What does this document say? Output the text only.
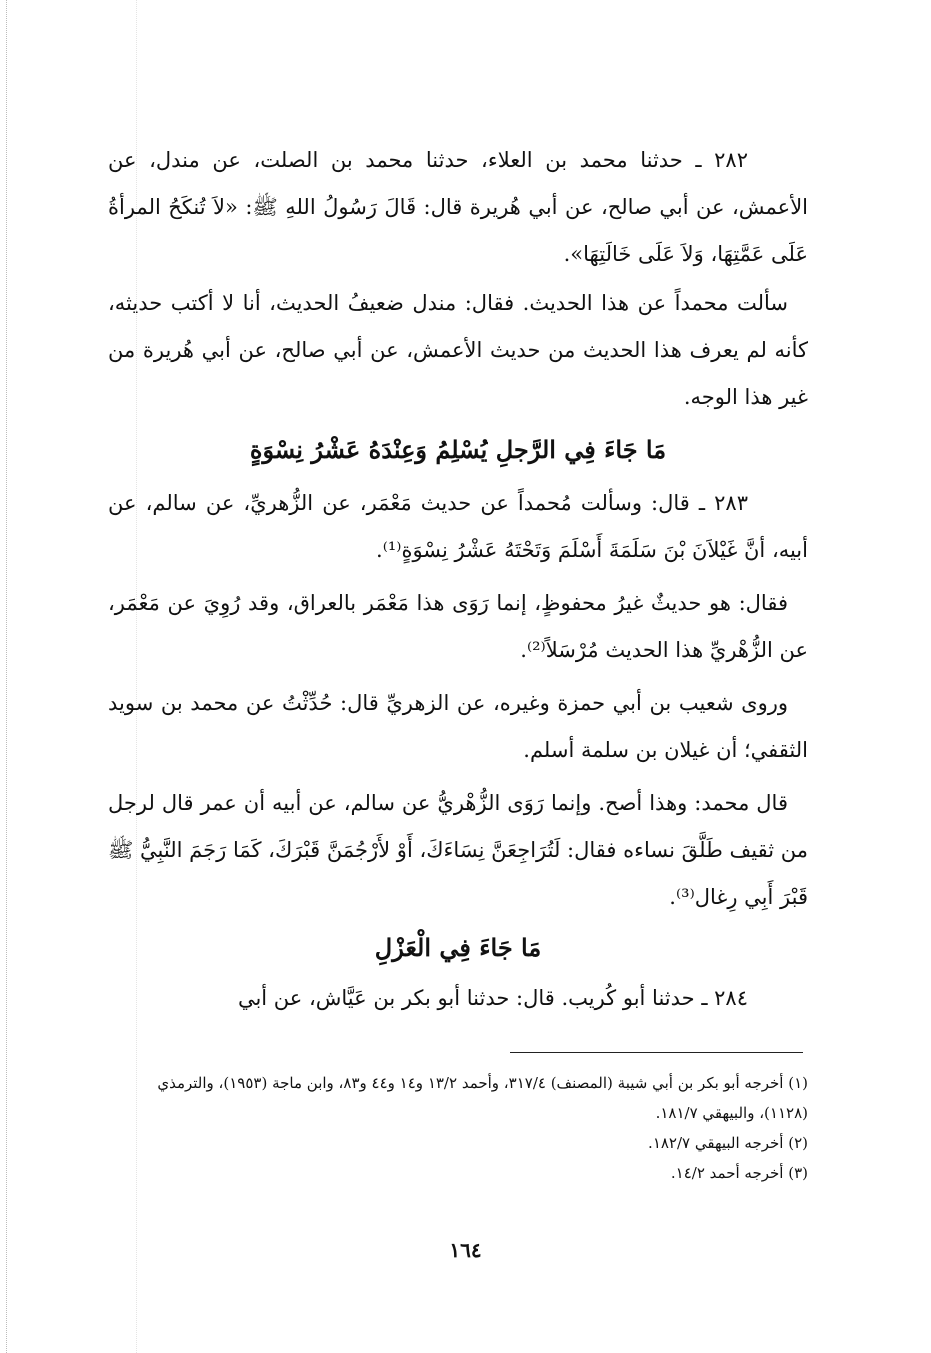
٢٨٢ ـ حدثنا محمد بن العلاء، حدثنا محمد بن الصلت، عن مندل، عن الأعمش، عن أبي صالح، عن أبي هُريرة قال: قَالَ رَسُولُ اللهِ ﷺ: «لاَ تُنكَحُ المرأةُ عَلَى عَمَّتِهَا، وَلاَ عَلَى خَالَتِهَا».

سألت محمداً عن هذا الحديث. فقال: مندل ضعيفُ الحديث، أنا لا أكتب حديثه، كأنه لم يعرف هذا الحديث من حديث الأعمش، عن أبي صالح، عن أبي هُريرة من غير هذا الوجه.

مَا جَاءَ فِي الرَّجلِ يُسْلِمُ وَعِنْدَهُ عَشْرُ نِسْوَةٍ

٢٨٣ ـ قال: وسألت مُحمداً عن حديث مَعْمَر، عن الزُّهريِّ، عن سالم، عن أبيه، أنَّ غَيْلاَنَ بْنَ سَلَمَةَ أَسْلَمَ وَتَحْتَهُ عَشْرُ نِسْوَةٍ⁽¹⁾.

فقال: هو حديثٌ غيرُ محفوظٍ، إنما رَوَى هذا مَعْمَر بالعراق، وقد رُوِيَ عن مَعْمَر، عن الزُّهْريِّ هذا الحديث مُرْسَلاً⁽²⁾.

وروى شعيب بن أبي حمزة وغيره، عن الزهريِّ قال: حُدِّثْتُ عن محمد بن سويد الثقفي؛ أن غيلان بن سلمة أسلم.

قال محمد: وهذا أصح. وإنما رَوَى الزُّهْريُّ عن سالم، عن أبيه أن عمر قال لرجل من ثقيف طَلَّقَ نساءه فقال: لَتُرَاجِعَنَّ نِسَاءَكَ، أَوْ لأَرْجُمَنَّ قَبْرَكَ، كَمَا رَجَمَ النَّبِيُّ ﷺ قَبْرَ أَبِي رِغال⁽³⁾.

مَا جَاءَ فِي الْعَزْلِ

٢٨٤ ـ حدثنا أبو كُريب. قال: حدثنا أبو بكر بن عَيَّاش، عن أبي

(١) أخرجه أبو بكر بن أبي شيبة (المصنف) ٣١٧/٤، وأحمد ١٣/٢ و١٤ و٤٤ و٨٣، وابن ماجة (١٩٥٣)، والترمذي (١١٢٨)، والبيهقي ١٨١/٧.

(٢) أخرجه البيهقي ١٨٢/٧.

(٣) أخرجه أحمد ١٤/٢.

١٦٤
